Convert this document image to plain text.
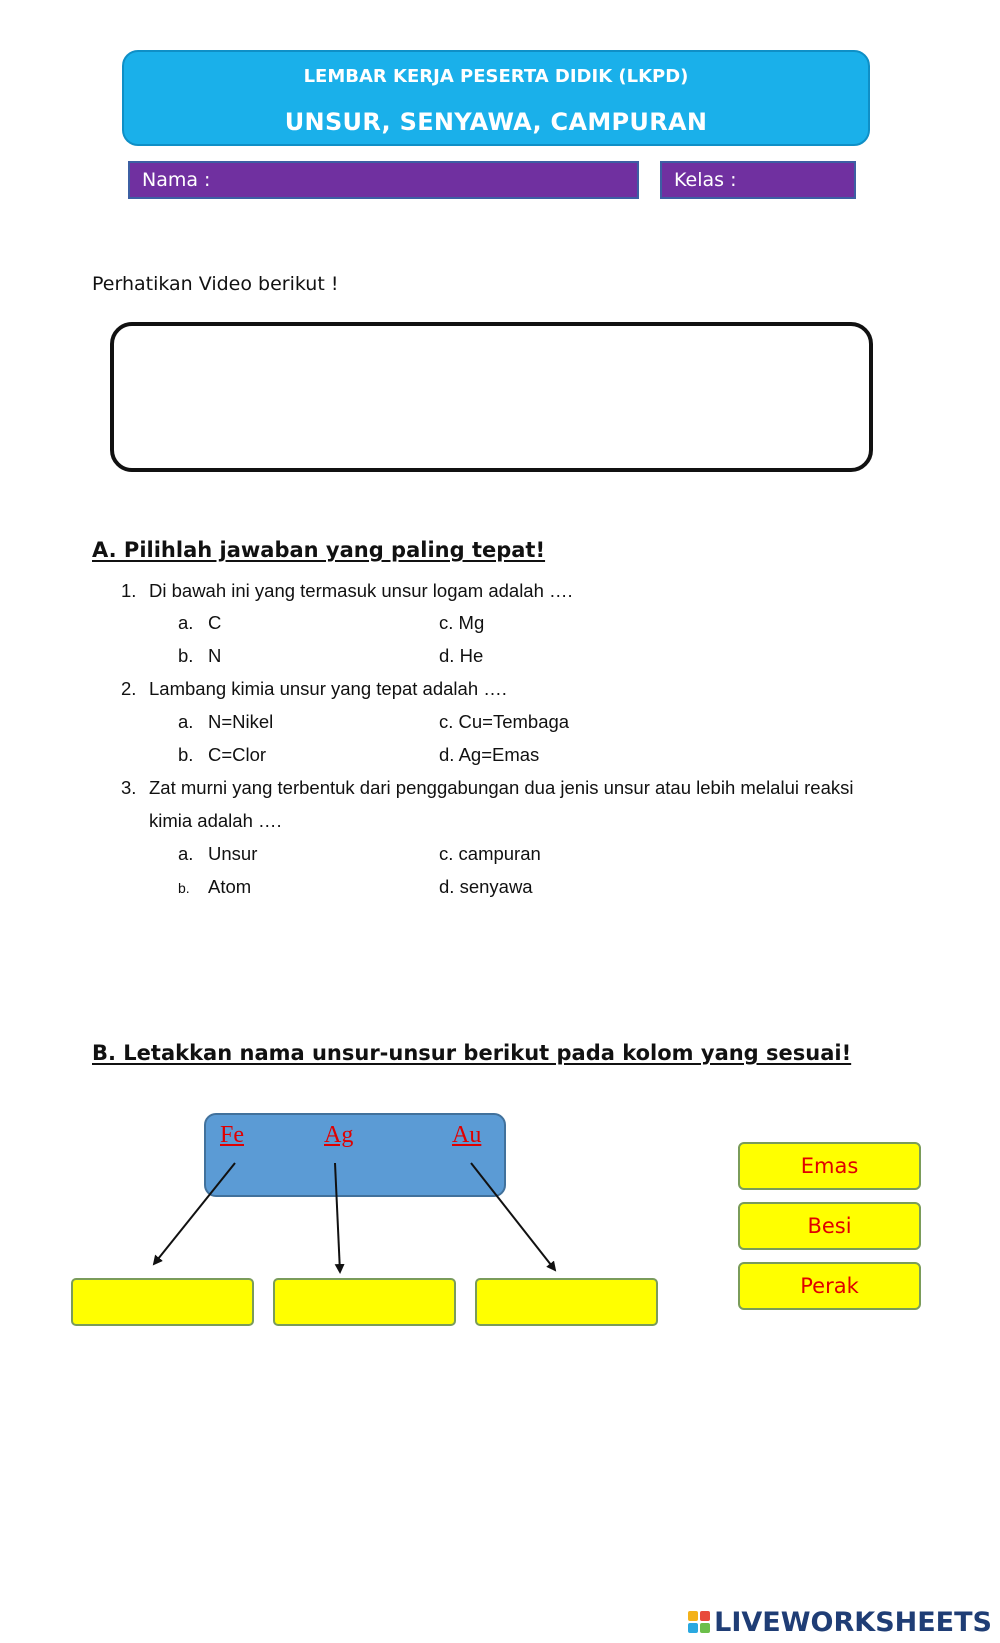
LEMBAR KERJA PESERTA DIDIK (LKPD)
UNSUR, SENYAWA, CAMPURAN
Nama :	Kelas :
Perhatikan Video berikut !
A. Pilihlah jawaban yang paling tepat!
1. Di bawah ini yang termasuk unsur logam adalah ….
a. C
b. N
c. Mg
d. He
2. Lambang kimia unsur yang tepat adalah ….
a. N=Nikel
b. C=Clor
c. Cu=Tembaga
d. Ag=Emas
3. Zat murni yang terbentuk dari penggabungan dua jenis unsur atau lebih melalui reaksi
kimia adalah ….
a. Unsur
b. Atom
c. campuran
d. senyawa
B. Letakkan nama unsur-unsur berikut pada kolom yang sesuai!
Fe	Ag	Au
Emas
Besi
Perak
LIVEWORKSHEETS
